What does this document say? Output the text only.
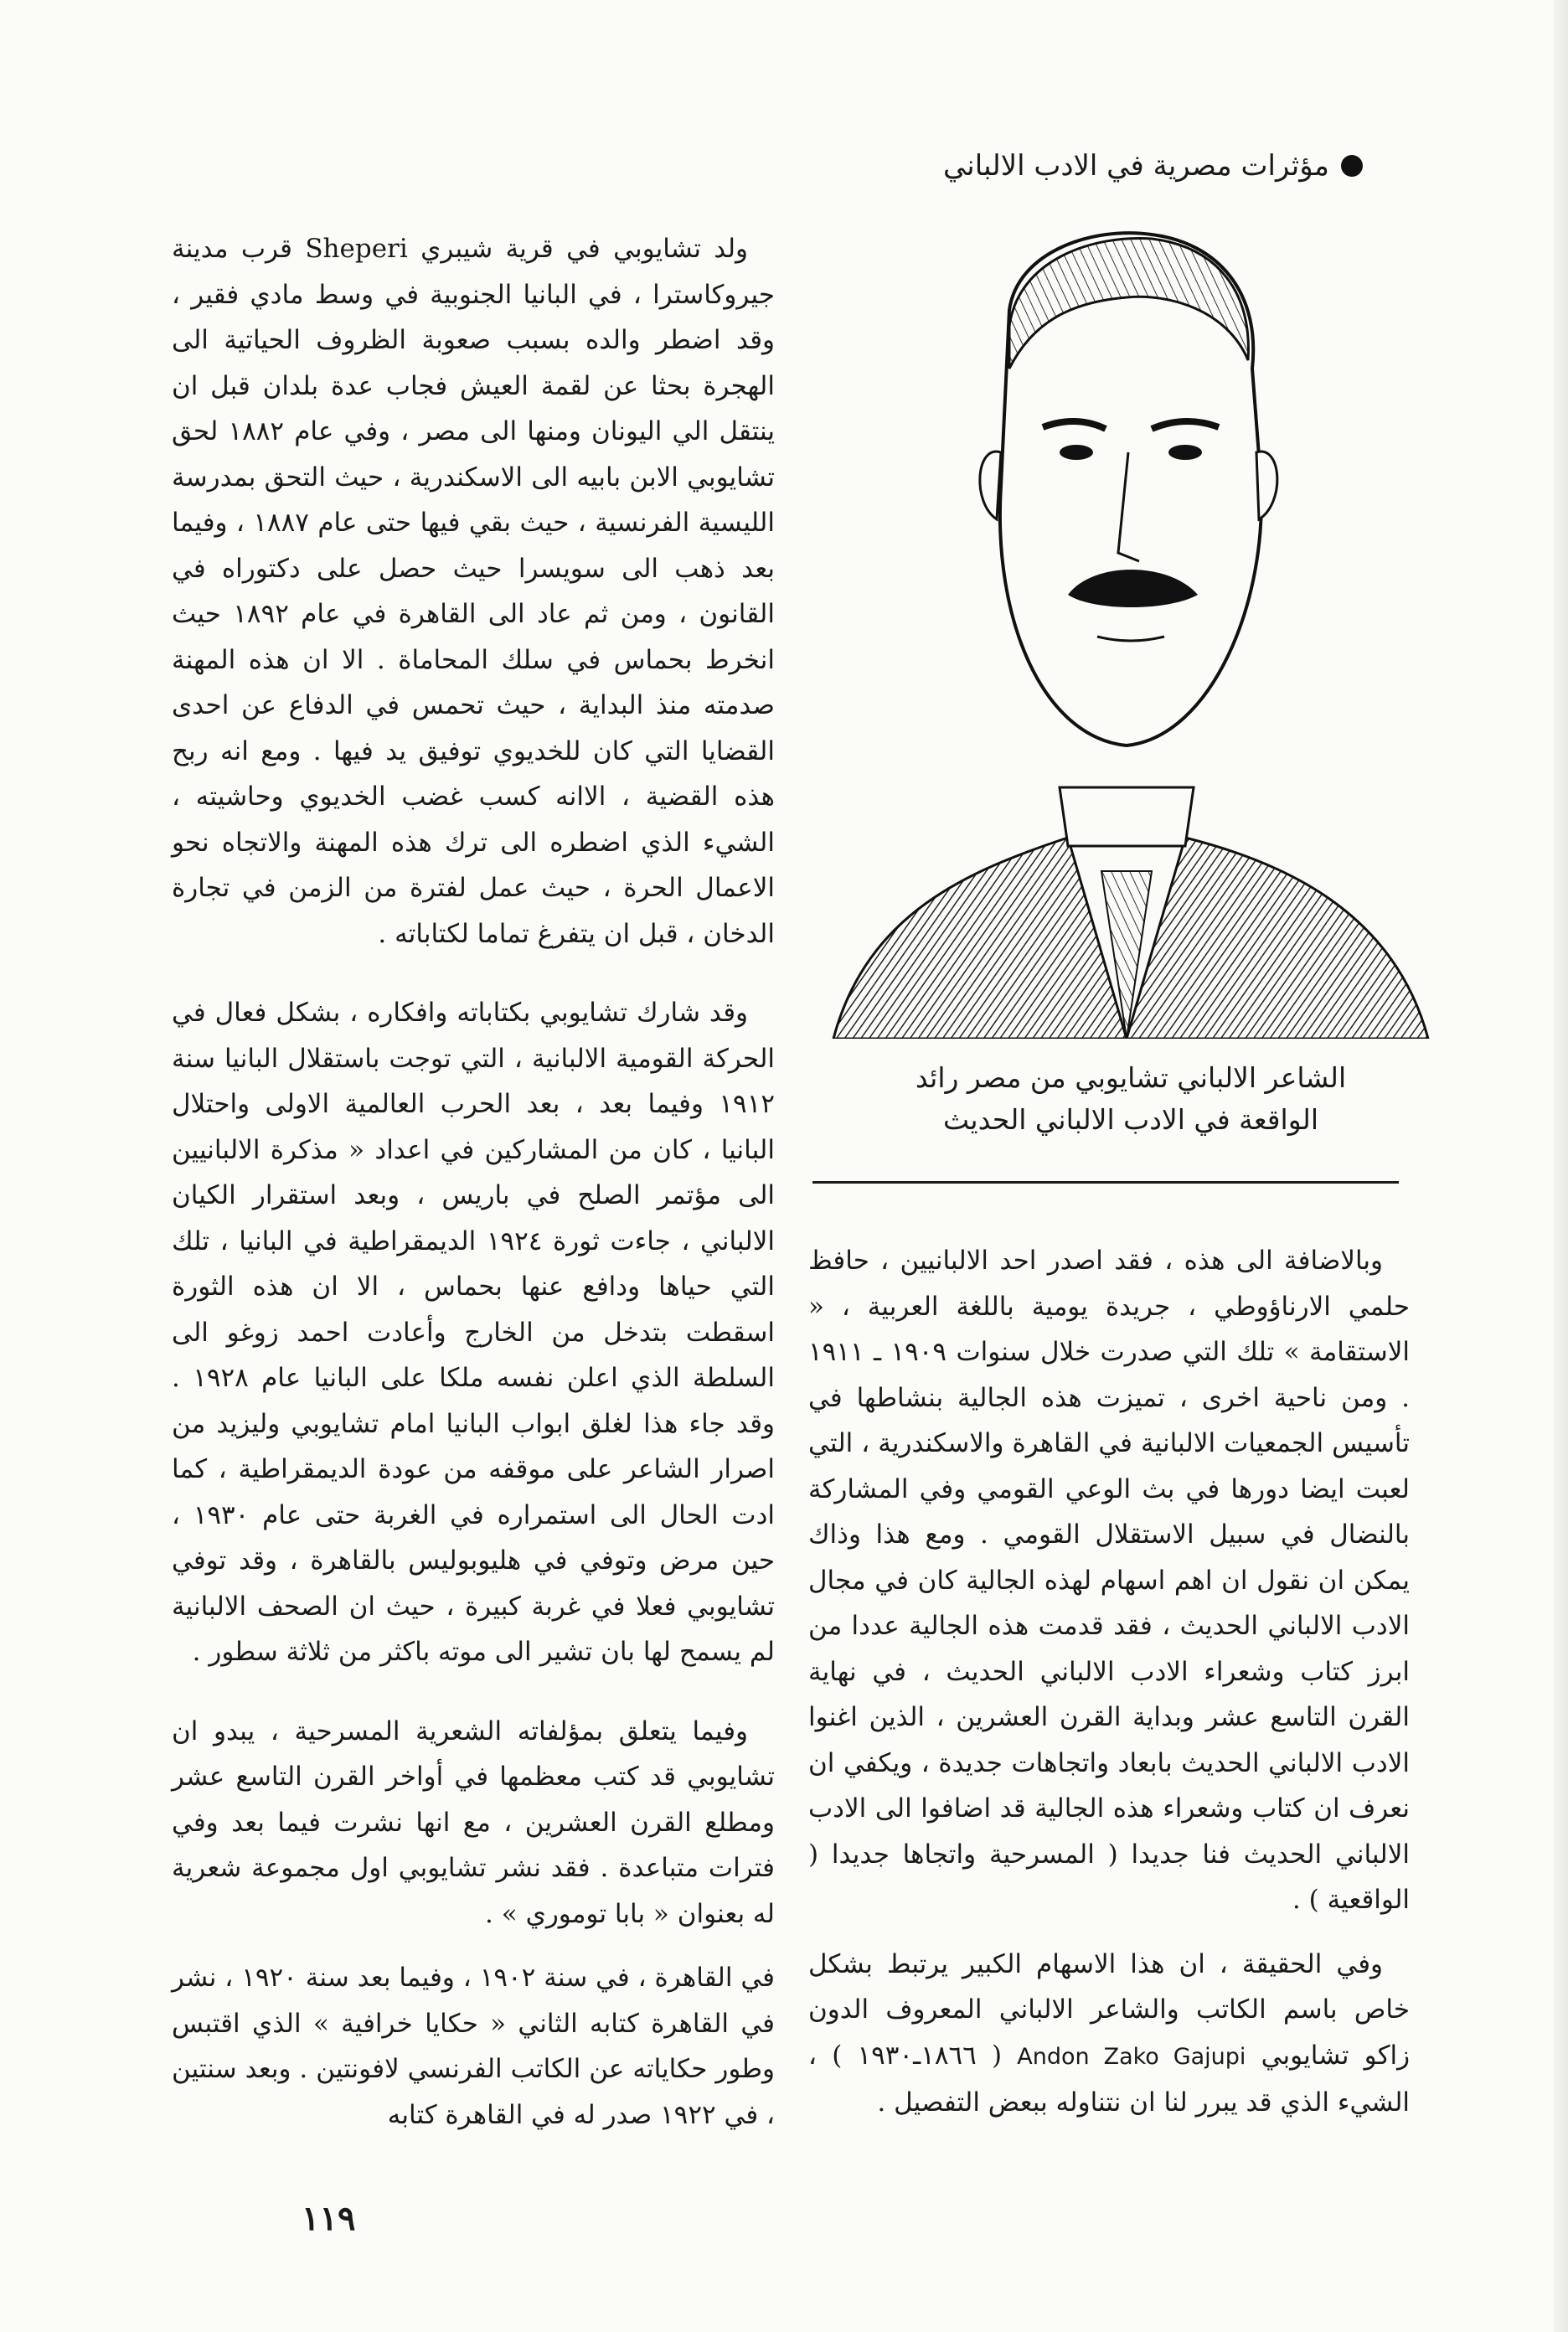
مؤثرات مصرية في الادب الالباني

ولد تشايوبي في قرية شيبري Sheperi قرب مدينة جيروكاسترا ، في البانيا الجنوبية في وسط مادي فقير ، وقد اضطر والده بسبب صعوبة الظروف الحياتية الى الهجرة بحثا عن لقمة العيش فجاب عدة بلدان قبل ان ينتقل الي اليونان ومنها الى مصر ، وفي عام ١٨٨٢ لحق تشايوبي الابن بابيه الى الاسكندرية ، حيث التحق بمدرسة الليسية الفرنسية ، حيث بقي فيها حتى عام ١٨٨٧ ، وفيما بعد ذهب الى سويسرا حيث حصل على دكتوراه في القانون ، ومن ثم عاد الى القاهرة في عام ١٨٩٢ حيث انخرط بحماس في سلك المحاماة . الا ان هذه المهنة صدمته منذ البداية ، حيث تحمس في الدفاع عن احدى القضايا التي كان للخديوي توفيق يد فيها . ومع انه ربح هذه القضية ، الاانه كسب غضب الخديوي وحاشيته ، الشيء الذي اضطره الى ترك هذه المهنة والاتجاه نحو الاعمال الحرة ، حيث عمل لفترة من الزمن في تجارة الدخان ، قبل ان يتفرغ تماما لكتاباته .

وقد شارك تشايوبي بكتاباته وافكاره ، بشكل فعال في الحركة القومية الالبانية ، التي توجت باستقلال البانيا سنة ١٩١٢ وفيما بعد ، بعد الحرب العالمية الاولى واحتلال البانيا ، كان من المشاركين في اعداد « مذكرة الالبانيين الى مؤتمر الصلح في باريس ، وبعد استقرار الكيان الالباني ، جاءت ثورة ١٩٢٤ الديمقراطية في البانيا ، تلك التي حياها ودافع عنها بحماس ، الا ان هذه الثورة اسقطت بتدخل من الخارج وأعادت احمد زوغو الى السلطة الذي اعلن نفسه ملكا على البانيا عام ١٩٢٨ . وقد جاء هذا لغلق ابواب البانيا امام تشايوبي وليزيد من اصرار الشاعر على موقفه من عودة الديمقراطية ، كما ادت الحال الى استمراره في الغربة حتى عام ١٩٣٠ ، حين مرض وتوفي في هليوبوليس بالقاهرة ، وقد توفي تشايوبي فعلا في غربة كبيرة ، حيث ان الصحف الالبانية لم يسمح لها بان تشير الى موته باكثر من ثلاثة سطور .

وفيما يتعلق بمؤلفاته الشعرية المسرحية ، يبدو ان تشايوبي قد كتب معظمها في أواخر القرن التاسع عشر ومطلع القرن العشرين ، مع انها نشرت فيما بعد وفي فترات متباعدة . فقد نشر تشايوبي اول مجموعة شعرية له بعنوان « بابا توموري » .

في القاهرة ، في سنة ١٩٠٢ ، وفيما بعد سنة ١٩٢٠ ، نشر في القاهرة كتابه الثاني « حكايا خرافية » الذي اقتبس وطور حكاياته عن الكاتب الفرنسي لافونتين . وبعد سنتين ، في ١٩٢٢ صدر له في القاهرة كتابه

الشاعر الالباني تشايوبي من مصر رائد
الواقعة في الادب الالباني الحديث

وبالاضافة الى هذه ، فقد اصدر احد الالبانيين ، حافظ حلمي الارناؤوطي ، جريدة يومية باللغة العربية ، « الاستقامة » تلك التي صدرت خلال سنوات ١٩٠٩ ـ ١٩١١ . ومن ناحية اخرى ، تميزت هذه الجالية بنشاطها في تأسيس الجمعيات الالبانية في القاهرة والاسكندرية ، التي لعبت ايضا دورها في بث الوعي القومي وفي المشاركة بالنضال في سبيل الاستقلال القومي . ومع هذا وذاك يمكن ان نقول ان اهم اسهام لهذه الجالية كان في مجال الادب الالباني الحديث ، فقد قدمت هذه الجالية عددا من ابرز كتاب وشعراء الادب الالباني الحديث ، في نهاية القرن التاسع عشر وبداية القرن العشرين ، الذين اغنوا الادب الالباني الحديث بابعاد واتجاهات جديدة ، ويكفي ان نعرف ان كتاب وشعراء هذه الجالية قد اضافوا الى الادب الالباني الحديث فنا جديدا ( المسرحية واتجاها جديدا ( الواقعية ) .

وفي الحقيقة ، ان هذا الاسهام الكبير يرتبط بشكل خاص باسم الكاتب والشاعر الالباني المعروف الدون زاكو تشايوبي Andon Zako Gajupi ( ١٨٦٦ـ١٩٣٠ ) ، الشيء الذي قد يبرر لنا ان نتناوله ببعض التفصيل .

١١٩
